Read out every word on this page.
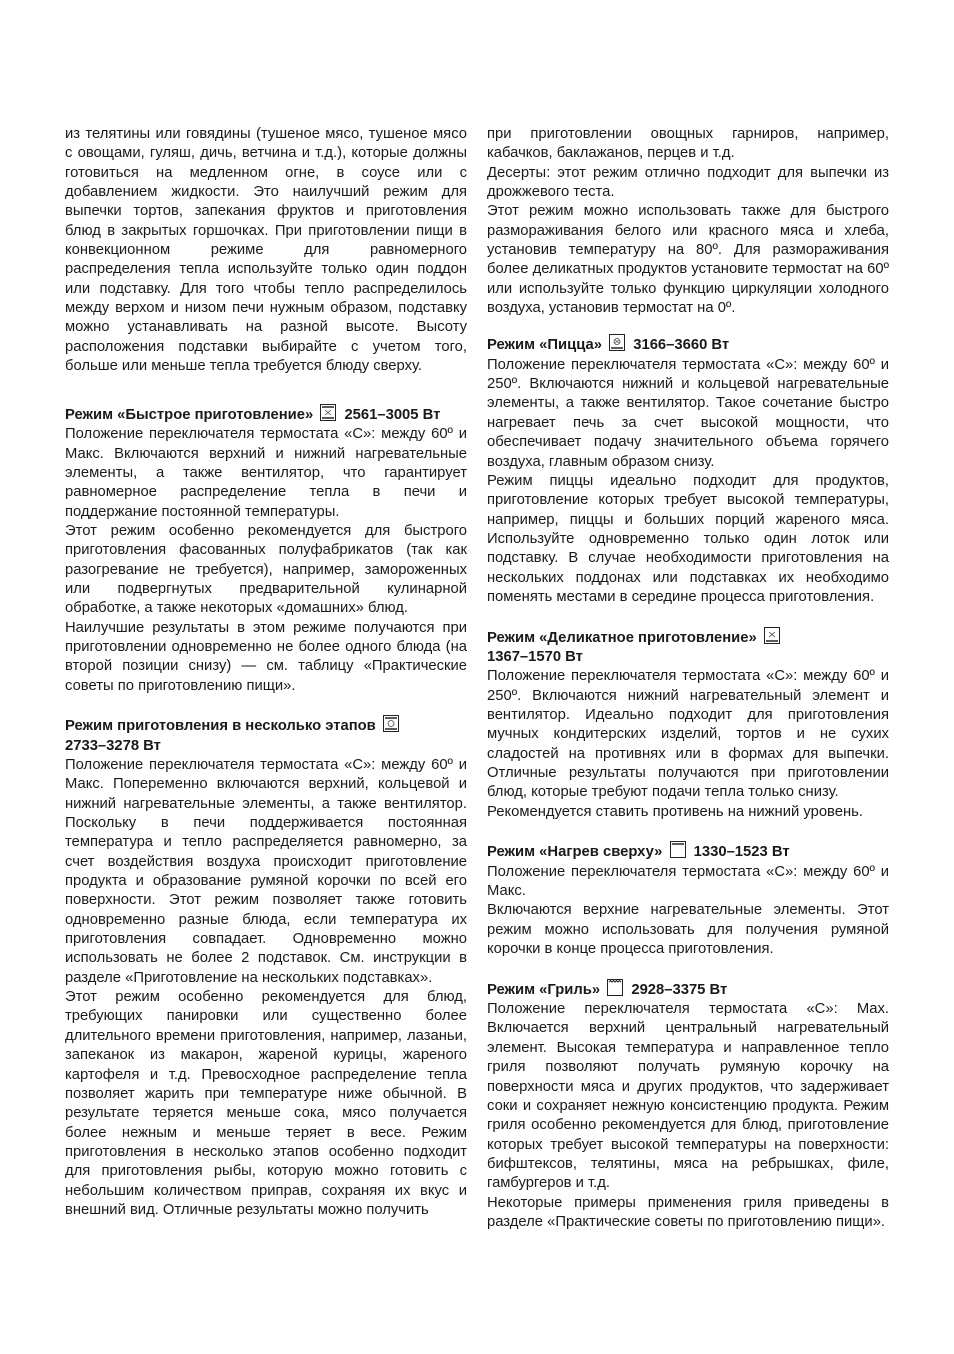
из телятины или говядины (тушеное мясо, тушеное мясо с овощами, гуляш, дичь, ветчина и т.д.), которые должны готовиться на медленном огне, в соусе или с добавлением жидкости. Это наилучший режим для выпечки тортов, запекания фруктов и приготовления блюд в закрытых горшочках. При приготовлении пищи в конвекционном режиме для равномерного распределения тепла используйте только один поддон или подставку. Для того чтобы тепло распределилось между верхом и низом печи нужным образом, подставку можно устанавливать на разной высоте. Высоту расположения подставки выбирайте с учетом того, больше или меньше тепла требуется блюду сверху.

Режим «Быстрое приготовление» 2561–3005 Вт

Положение переключателя термостата «С»: между 60º и Макс. Включаются верхний и нижний нагревательные элементы, а также вентилятор, что гарантирует равномерное распределение тепла в печи и поддержание постоянной температуры.

Этот режим особенно рекомендуется для быстрого приготовления фасованных полуфабрикатов (так как разогревание не требуется), например, замороженных или подвергнутых предварительной кулинарной обработке, а также некоторых «домашних» блюд.

Наилучшие результаты в этом режиме получаются при приготовлении одновременно не более одного блюда (на второй позиции снизу) — см. таблицу «Практические советы по приготовлению пищи».

Режим приготовления в несколько этапов

2733–3278 Вт

Положение переключателя термостата «С»: между 60º и Макс. Попеременно включаются верхний, кольцевой и нижний нагревательные элементы, а также вентилятор. Поскольку в печи поддерживается постоянная температура и тепло распределяется равномерно, за счет воздействия воздуха происходит приготовление продукта и образование румяной корочки по всей его поверхности. Этот режим позволяет также готовить одновременно разные блюда, если температура их приготовления совпадает. Одновременно можно использовать не более 2 подставок. См. инструкции в разделе «Приготовление на нескольких подставках».

Этот режим особенно рекомендуется для блюд, требующих панировки или существенно более длительного времени приготовления, например, лазаньи, запеканок из макарон, жареной курицы, жареного картофеля и т.д. Превосходное распределение тепла позволяет жарить при температуре ниже обычной. В результате теряется меньше сока, мясо получается более нежным и меньше теряет в весе. Режим приготовления в несколько этапов особенно подходит для приготовления рыбы, которую можно готовить с небольшим количеством приправ, сохраняя их вкус и внешний вид. Отличные результаты можно получить

при приготовлении овощных гарниров, например, кабачков, баклажанов, перцев и т.д.

Десерты: этот режим отлично подходит для выпечки из дрожжевого теста.

Этот режим можно использовать также для быстрого размораживания белого или красного мяса и хлеба, установив температуру на 80º. Для размораживания более деликатных продуктов установите термостат на 60º или используйте только функцию циркуляции холодного воздуха, установив термостат на 0º.

Режим «Пицца» 3166–3660 Вт

Положение переключателя термостата «С»: между 60º и 250º. Включаются нижний и кольцевой нагревательные элементы, а также вентилятор. Такое сочетание быстро нагревает печь за счет высокой мощности, что обеспечивает подачу значительного объема горячего воздуха, главным образом снизу.

Режим пиццы идеально подходит для продуктов, приготовление которых требует высокой температуры, например, пиццы и больших порций жареного мяса. Используйте одновременно только один лоток или подставку. В случае необходимости приготовления на нескольких поддонах или подставках их необходимо поменять местами в середине процесса приготовления.

Режим «Деликатное приготовление»

1367–1570 Вт

Положение переключателя термостата «С»: между 60º и 250º. Включаются нижний нагревательный элемент и вентилятор. Идеально подходит для приготовления мучных кондитерских изделий, тортов и не сухих сладостей на противнях или в формах для выпечки. Отличные результаты получаются при приготовлении блюд, которые требуют подачи тепла только снизу.

Рекомендуется ставить противень на нижний уровень.

Режим «Нагрев сверху» 1330–1523 Вт

Положение переключателя термостата «С»: между 60º и Макс.

Включаются верхние нагревательные элементы. Этот режим можно использовать для получения румяной корочки в конце процесса приготовления.

Режим «Гриль» 2928–3375 Вт

Положение переключателя термостата «С»: Max. Включается верхний центральный нагревательный элемент. Высокая температура и направленное тепло гриля позволяют получать румяную корочку на поверхности мяса и других продуктов, что задерживает соки и сохраняет нежную консистенцию продукта. Режим гриля особенно рекомендуется для блюд, приготовление которых требует высокой температуры на поверхности: бифштексов, телятины, мяса на ребрышках, филе, гамбургеров и т.д.

Некоторые примеры применения гриля приведены в разделе «Практические советы по приготовлению пищи».
